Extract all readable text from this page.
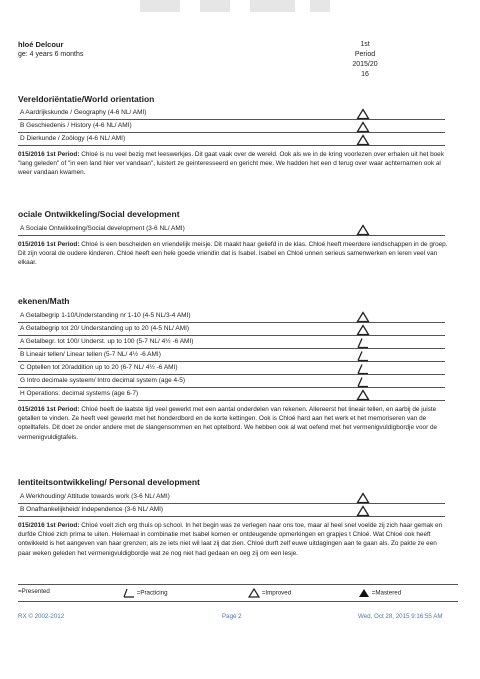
hloé Delcour
ge: 4 years 6 months
1st
Period
2015/20
16
Vereldoriëntatie/World orientation
A Aardrijkskunde / Geography (4-6 NL/ AMI)
B Geschiedenis / History (4-6 NL/ AMI)
D Dierkunde / Zoölogy (4-6 NL/ AMI)
015/2016 1st Period: Chloé is nu veel bezig met leeswerkjes. Dit gaat vaak over de wereld. Ook als we in de kring voorlezen over erhalen uit het boek "lang geleden" of "in een land hier ver vandaan", luistert ze geinteresseerd en gericht mee. We hadden het een d terug over waar achternamen ook al weer vandaan kwamen.
ociale Ontwikkeling/Social development
A Sociale Ontwikkeling/Social development (3-6 NL/ AMI)
015/2016 1st Period: Chloé is een bescheiden en vriendelijk meisje. Dit maakt haar geliefd in de klas. Chloé heeft meerdere iendschappen in de groep. Dit zijn vooral de oudere kinderen. Chloé heeft een hele goede vriendin dat is Isabel. Isabel en Chloé unnen serieus samenwerken en leren veel van elkaar.
ekenen/Math
A Getalbegrip 1-10/Understanding nr 1-10 (4-5 NL/3-4 AMI)
A Getalbegrip tot 20/ Understanding up to 20 (4-5 NL/ AMI)
A Getalbegr. tot 100/ Underst. up to 100 (5-7 NL/ 4½ -6 AMI)
B Lineair tellen/ Linear tellen (5-7 NL/ 4½ -6 AMI)
C Optellen tot 20/addition up to 20 (6-7 NL/ 4½ -6 AMI)
G Intro decimale systeem/ Intro decimal system (age 4-5)
H Operations: decimal systems (age 6-7)
015/2016 1st Period: Chloé heeft de laatste tijd veel gewerkt met een aantal onderdelen van rekenen. Allereerst het lineair tellen, en aarbij de juiste getallen te vinden. Ze heeft veel gewerkt met het honderdbord en de korte kettingen. Ook is Chloé hard aan het werk et het memoriseren van de optelltafels. Dit doet ze onder andere met de slangensommen en het optelbord. We hebben ook al wat oefend met het vermenigvuldigbordje voor de vermenigvuldigtafels.
lentiteitsontwikkeling/ Personal development
A Werkhouding/ Attitude towards work (3-6 NL/ AMI)
B Onafhankelijkheid/ Independence (3-6 NL/ AMI)
015/2016 1st Period: Chloé voelt zich erg thuis op school. In het begin was ze verlegen naar ons toe, maar al heel snel voelde zij zich haar gemak en durfde Chloé zich prima te uiten. Helemaal in combinatie met Isabel komen er ontdeugende opmerkingen en grapjes t Chloé. Wat Chloé ook heeft ontwikkeld is het aangeven van haar grenzen; als ze iets niet wil laat zij dat zien. Chloé durft zelf euwe uitdagingen aan te gaan als. Zo pakte ze een paar weken geleden het vermenigvuldigbordje wat ze nog niet had gedaan en oeg zij om een lesje.
=Presented	=Practicing	=Improved	=Mastered
RX © 2002-2012	Page 2	Wed, Oct 28, 2015 9:16:55 AM
